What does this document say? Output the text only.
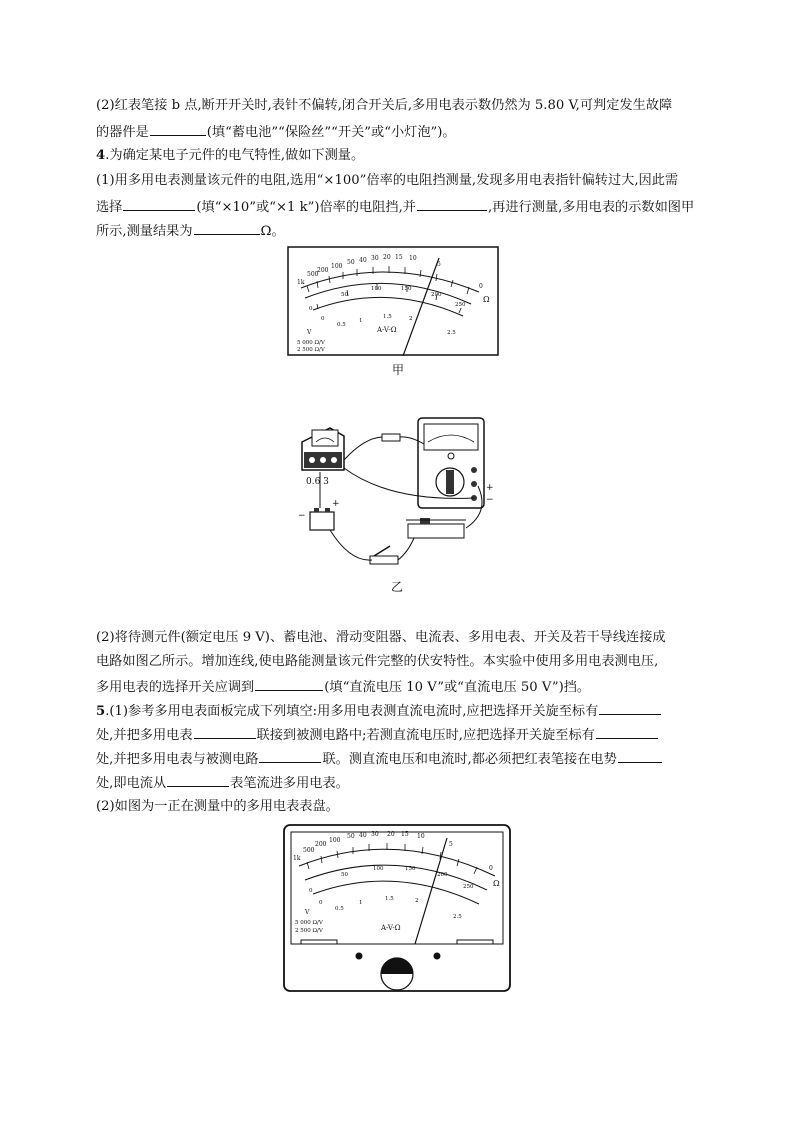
(2)红表笔接 b 点,断开开关时,表针不偏转,闭合开关后,多用电表示数仍然为 5.80 V,可判定发生故障
的器件是	(填“蓄电池”“保险丝”“开关”或“小灯泡”)。
4.为确定某电子元件的电气特性,做如下测量。
(1)用多用电表测量该元件的电阻,选用“×100”倍率的电阻挡测量,发现多用电表指针偏转过大,因此需
选择	(填“×10”或“×1 k”)倍率的电阻挡,并	,再进行测量,多用电表的示数如图甲
所示,测量结果为	Ω。
1k
500
200
100
50 40 30 20 15 10
5
0
Ω
0
50
100	150
200
250
0
0.5
1
1.5	2
2.5
A-V-Ω
5 000 Ω/V
2 500 Ω/V
V
甲
0.6 3
+
−
−
+
乙
(2)将待测元件(额定电压 9 V)、蓄电池、滑动变阻器、电流表、多用电表、开关及若干导线连接成
电路如图乙所示。增加连线,使电路能测量该元件完整的伏安特性。本实验中使用多用电表测电压,
多用电表的选择开关应调到	(填“直流电压 10 V”或“直流电压 50 V”)挡。
5.(1)参考多用电表面板完成下列填空:用多用电表测直流电流时,应把选择开关旋至标有
处,并把多用电表	联接到被测电路中;若测直流电压时,应把选择开关旋至标有
处,并把多用电表与被测电路	联。测直流电压和电流时,都必须把红表笔接在电势
处,即电流从	表笔流进多用电表。
(2)如图为一正在测量中的多用电表表盘。
1k
500
200
100
50 40 30 20 15 10
5
0
Ω
0
50
100	150
200
250
0
0.5
1
1.5	2
2.5
A-V-Ω
5 000 Ω/V
2 500 Ω/V
V
